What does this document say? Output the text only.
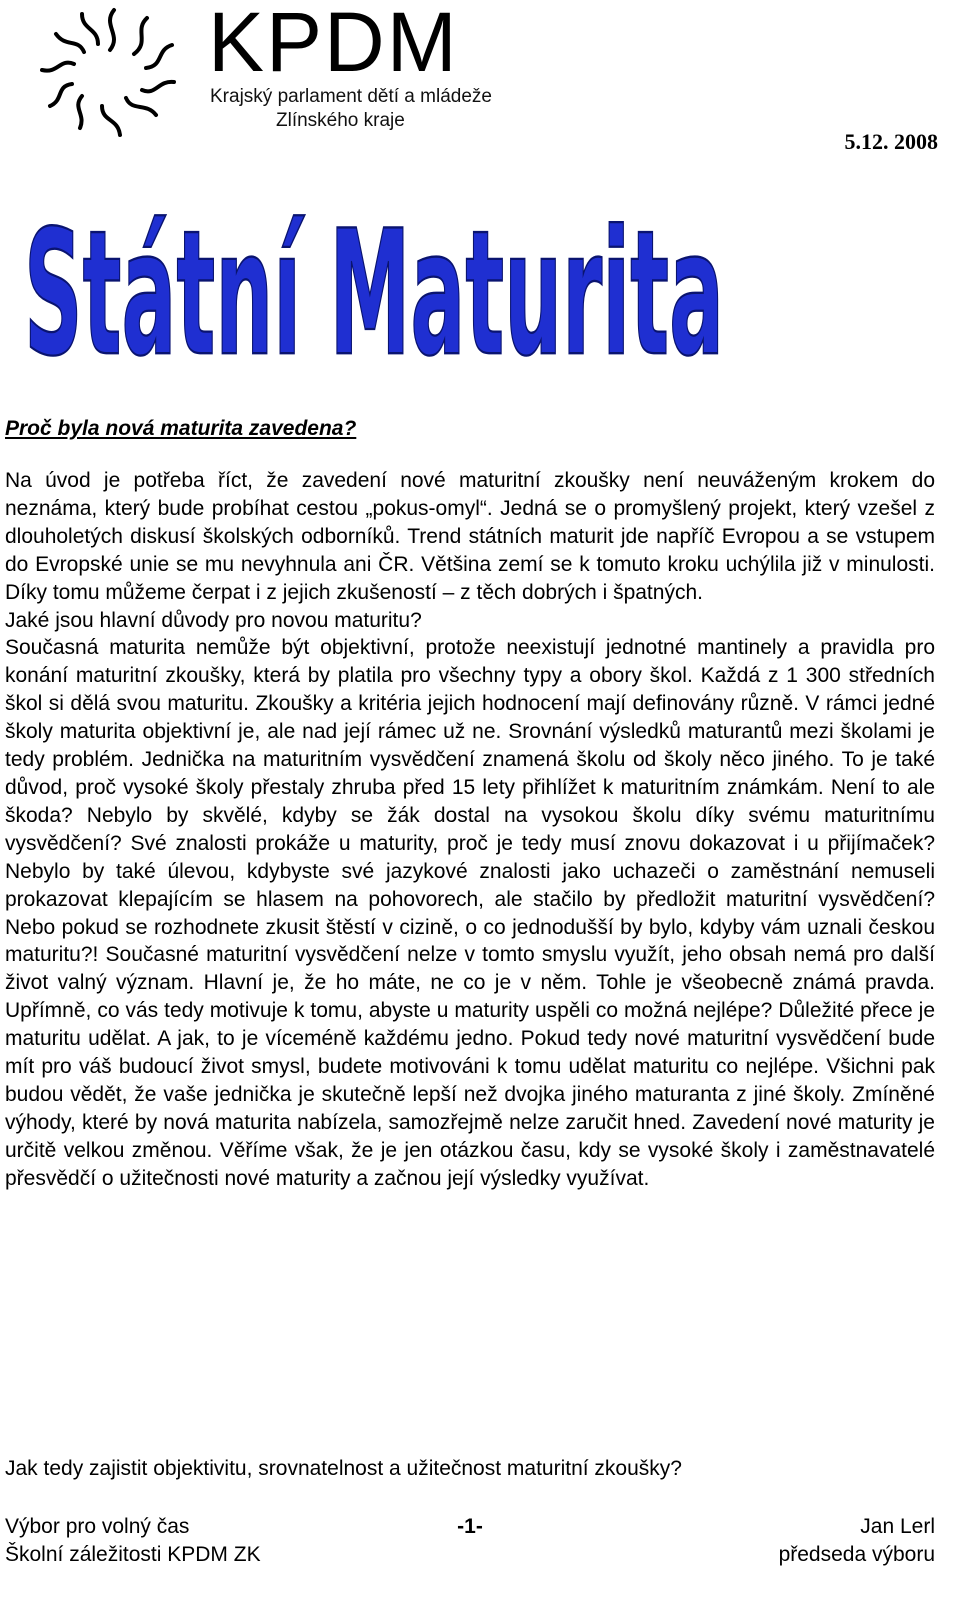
KPDM
Krajský parlament dětí a mládeže
Zlínského kraje
5.12. 2008
Státní Maturita
Proč byla nová maturita zavedena?

Na úvod je potřeba říct, že zavedení nové maturitní zkoušky není neuváženým krokem do neznáma, který bude probíhat cestou „pokus-omyl“. Jedná se o promyšlený projekt, který vzešel z dlouholetých diskusí školských odborníků. Trend státních maturit jde napříč Evropou a se vstupem do Evropské unie se mu nevyhnula ani ČR. Většina zemí se k tomuto kroku uchýlila již v minulosti. Díky tomu můžeme čerpat i z jejich zkušeností – z těch dobrých i špatných.

Jaké jsou hlavní důvody pro novou maturitu?

Současná maturita nemůže být objektivní, protože neexistují jednotné mantinely a pravidla pro konání maturitní zkoušky, která by platila pro všechny typy a obory škol. Každá z 1 300 středních škol si dělá svou maturitu. Zkoušky a kritéria jejich hodnocení mají definovány různě. V rámci jedné školy maturita objektivní je, ale nad její rámec už ne. Srovnání výsledků maturantů mezi školami je tedy problém. Jednička na maturitním vysvědčení znamená školu od školy něco jiného. To je také důvod, proč vysoké školy přestaly zhruba před 15 lety přihlížet k maturitním známkám. Není to ale škoda? Nebylo by skvělé, kdyby se žák dostal na vysokou školu díky svému maturitnímu vysvědčení? Své znalosti prokáže u maturity, proč je tedy musí znovu dokazovat i u přijímaček? Nebylo by také úlevou, kdybyste své jazykové znalosti jako uchazeči o zaměstnání nemuseli prokazovat klepajícím se hlasem na pohovorech, ale stačilo by předložit maturitní vysvědčení? Nebo pokud se rozhodnete zkusit štěstí v cizině, o co jednodušší by bylo, kdyby vám uznali českou maturitu?! Současné maturitní vysvědčení nelze v tomto smyslu využít, jeho obsah nemá pro další život valný význam. Hlavní je, že ho máte, ne co je v něm. Tohle je všeobecně známá pravda. Upřímně, co vás tedy motivuje k tomu, abyste u maturity uspěli co možná nejlépe? Důležité přece je maturitu udělat. A jak, to je víceméně každému jedno. Pokud tedy nové maturitní vysvědčení bude mít pro váš budoucí život smysl, budete motivováni k tomu udělat maturitu co nejlépe. Všichni pak budou vědět, že vaše jednička je skutečně lepší než dvojka jiného maturanta z jiné školy. Zmíněné výhody, které by nová maturita nabízela, samozřejmě nelze zaručit hned. Zavedení nové maturity je určitě velkou změnou. Věříme však, že je jen otázkou času, kdy se vysoké školy i zaměstnavatelé přesvědčí o užitečnosti nové maturity a začnou její výsledky využívat.

Jak tedy zajistit objektivitu, srovnatelnost a užitečnost maturitní zkoušky?
Výbor pro volný čas
Školní záležitosti KPDM ZK
-1-	Jan Lerl
předseda výboru
